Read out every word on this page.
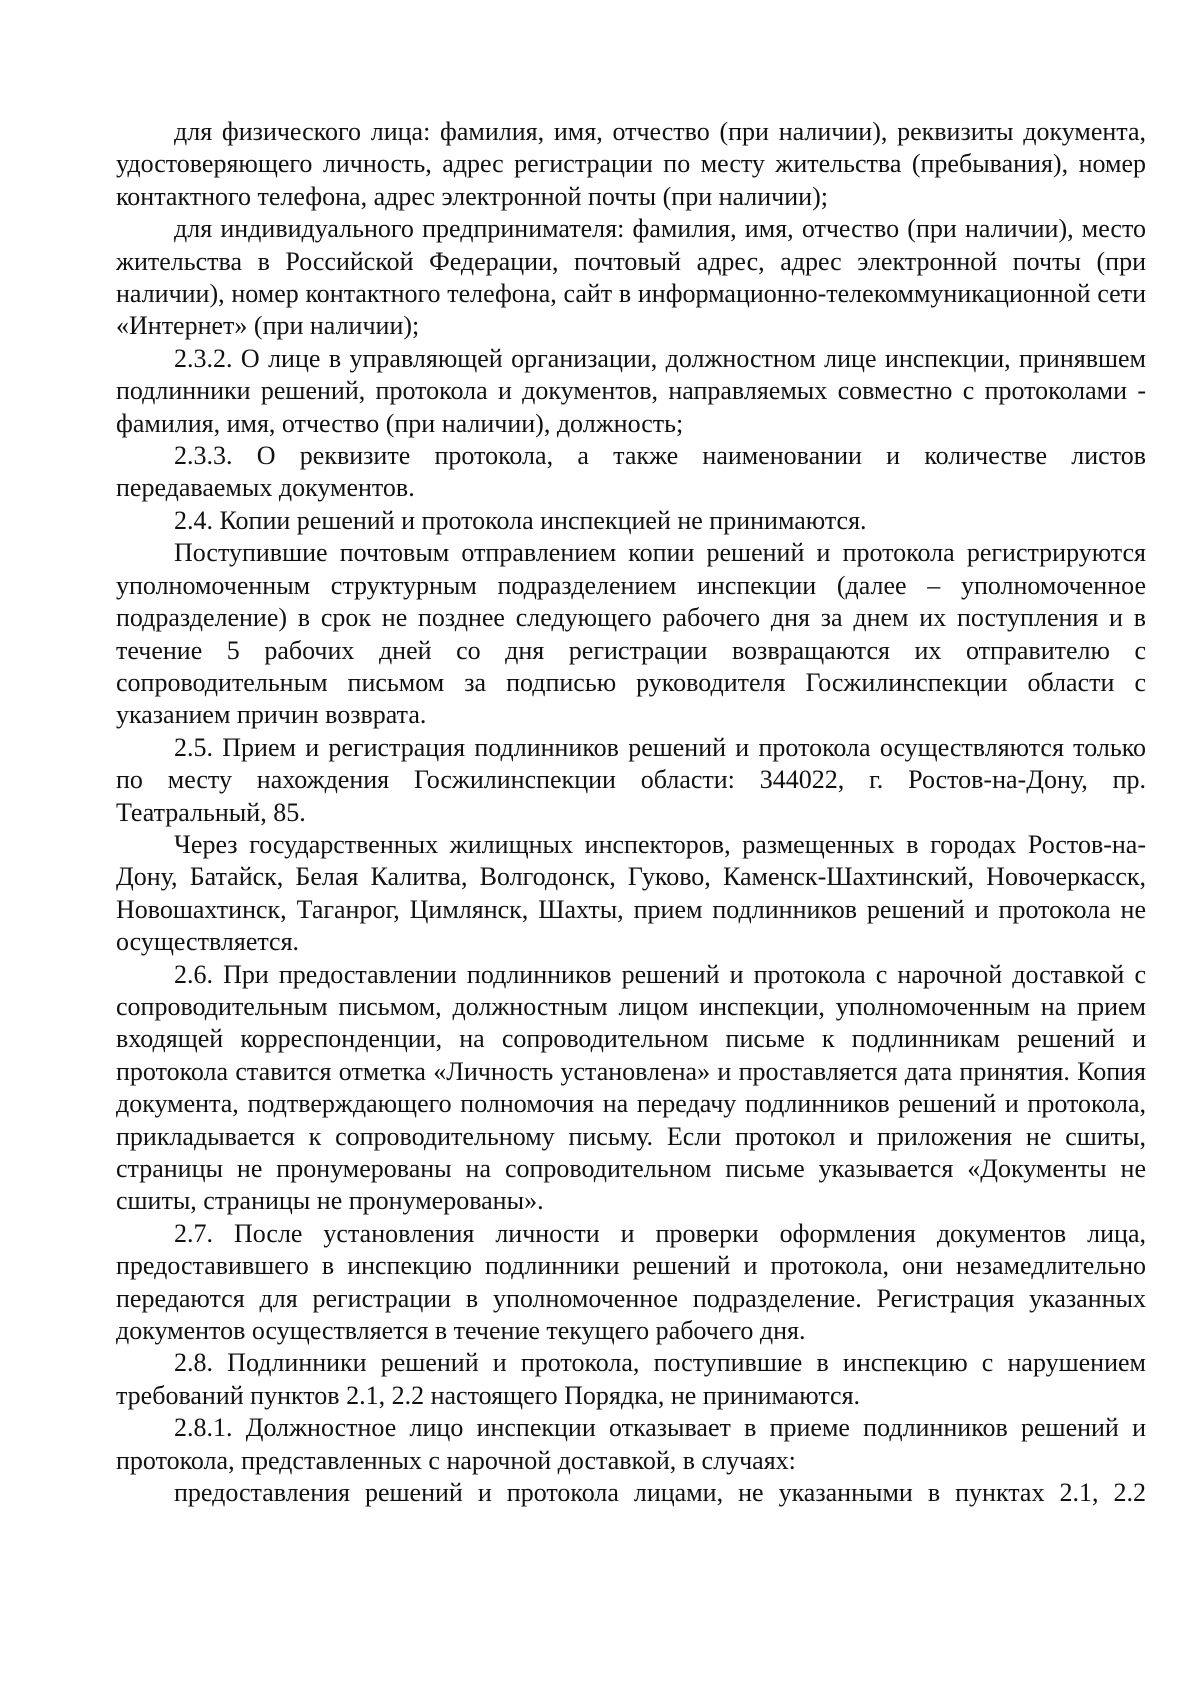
для физического лица: фамилия, имя, отчество (при наличии), реквизиты документа, удостоверяющего личность, адрес регистрации по месту жительства (пребывания), номер контактного телефона, адрес электронной почты (при наличии);

для индивидуального предпринимателя: фамилия, имя, отчество (при наличии), место жительства в Российской Федерации, почтовый адрес, адрес электронной почты (при наличии), номер контактного телефона, сайт в информационно-телекоммуникационной сети «Интернет» (при наличии);

2.3.2. О лице в управляющей организации, должностном лице инспекции, принявшем подлинники решений, протокола и документов, направляемых совместно с протоколами - фамилия, имя, отчество (при наличии), должность;

2.3.3. О реквизите протокола, а также наименовании и количестве листов передаваемых документов.

2.4. Копии решений и протокола инспекцией не принимаются.

Поступившие почтовым отправлением копии решений и протокола регистрируются уполномоченным структурным подразделением инспекции (далее – уполномоченное подразделение) в срок не позднее следующего рабочего дня за днем их поступления и в течение 5 рабочих дней со дня регистрации возвращаются их отправителю с сопроводительным письмом за подписью руководителя Госжилинспекции области с указанием причин возврата.

2.5. Прием и регистрация подлинников решений и протокола осуществляются только по месту нахождения Госжилинспекции области: 344022, г. Ростов-на-Дону, пр. Театральный, 85.

Через государственных жилищных инспекторов, размещенных в городах Ростов-на-Дону, Батайск, Белая Калитва, Волгодонск, Гуково, Каменск-Шахтинский, Новочеркасск, Новошахтинск, Таганрог, Цимлянск, Шахты, прием подлинников решений и протокола не осуществляется.

2.6. При предоставлении подлинников решений и протокола с нарочной доставкой с сопроводительным письмом, должностным лицом инспекции, уполномоченным на прием входящей корреспонденции, на сопроводительном письме к подлинникам решений и протокола ставится отметка «Личность установлена» и проставляется дата принятия. Копия документа, подтверждающего полномочия на передачу подлинников решений и протокола, прикладывается к сопроводительному письму. Если протокол и приложения не сшиты, страницы не пронумерованы на сопроводительном письме указывается «Документы не сшиты, страницы не пронумерованы».

2.7. После установления личности и проверки оформления документов лица, предоставившего в инспекцию подлинники решений и протокола, они незамедлительно передаются для регистрации в уполномоченное подразделение. Регистрация указанных документов осуществляется в течение текущего рабочего дня.

2.8. Подлинники решений и протокола, поступившие в инспекцию с нарушением требований пунктов 2.1, 2.2 настоящего Порядка, не принимаются.

2.8.1. Должностное лицо инспекции отказывает в приеме подлинников решений и протокола, представленных с нарочной доставкой, в случаях:

предоставления решений и протокола лицами, не указанными в пунктах 2.1, 2.2
